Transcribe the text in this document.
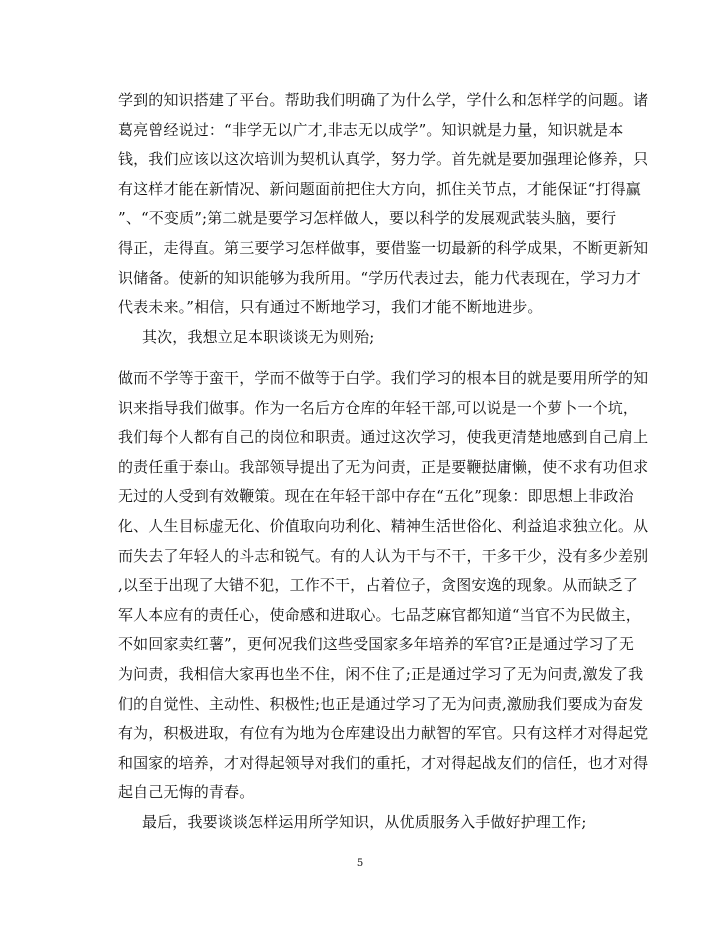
学到的知识搭建了平台。帮助我们明确了为什么学，学什么和怎样学的问题。诸
葛亮曾经说过：“非学无以广才,非志无以成学”。知识就是力量，知识就是本
钱，我们应该以这次培训为契机认真学，努力学。首先就是要加强理论修养，只
有这样才能在新情况、新问题面前把住大方向，抓住关节点，才能保证“打得赢
”、“不变质”;第二就是要学习怎样做人，要以科学的发展观武装头脑，要行
得正，走得直。第三要学习怎样做事，要借鉴一切最新的科学成果，不断更新知
识储备。使新的知识能够为我所用。“学历代表过去，能力代表现在，学习力才
代表未来。”相信，只有通过不断地学习，我们才能不断地进步。
其次，我想立足本职谈谈无为则殆;
做而不学等于蛮干，学而不做等于白学。我们学习的根本目的就是要用所学的知
识来指导我们做事。作为一名后方仓库的年轻干部,可以说是一个萝卜一个坑，
我们每个人都有自己的岗位和职责。通过这次学习，使我更清楚地感到自己肩上
的责任重于泰山。我部领导提出了无为问责，正是要鞭挞庸懒，使不求有功但求
无过的人受到有效鞭策。现在在年轻干部中存在“五化”现象：即思想上非政治
化、人生目标虚无化、价值取向功利化、精神生活世俗化、利益追求独立化。从
而失去了年轻人的斗志和锐气。有的人认为干与不干，干多干少，没有多少差别
,以至于出现了大错不犯，工作不干，占着位子，贪图安逸的现象。从而缺乏了
军人本应有的责任心，使命感和进取心。七品芝麻官都知道“当官不为民做主，
不如回家卖红薯”，更何况我们这些受国家多年培养的军官?正是通过学习了无
为问责，我相信大家再也坐不住，闲不住了;正是通过学习了无为问责,激发了我
们的自觉性、主动性、积极性;也正是通过学习了无为问责,激励我们要成为奋发
有为，积极进取，有位有为地为仓库建设出力献智的军官。只有这样才对得起党
和国家的培养，才对得起领导对我们的重托，才对得起战友们的信任，也才对得
起自己无悔的青春。
最后，我要谈谈怎样运用所学知识，从优质服务入手做好护理工作;
5
